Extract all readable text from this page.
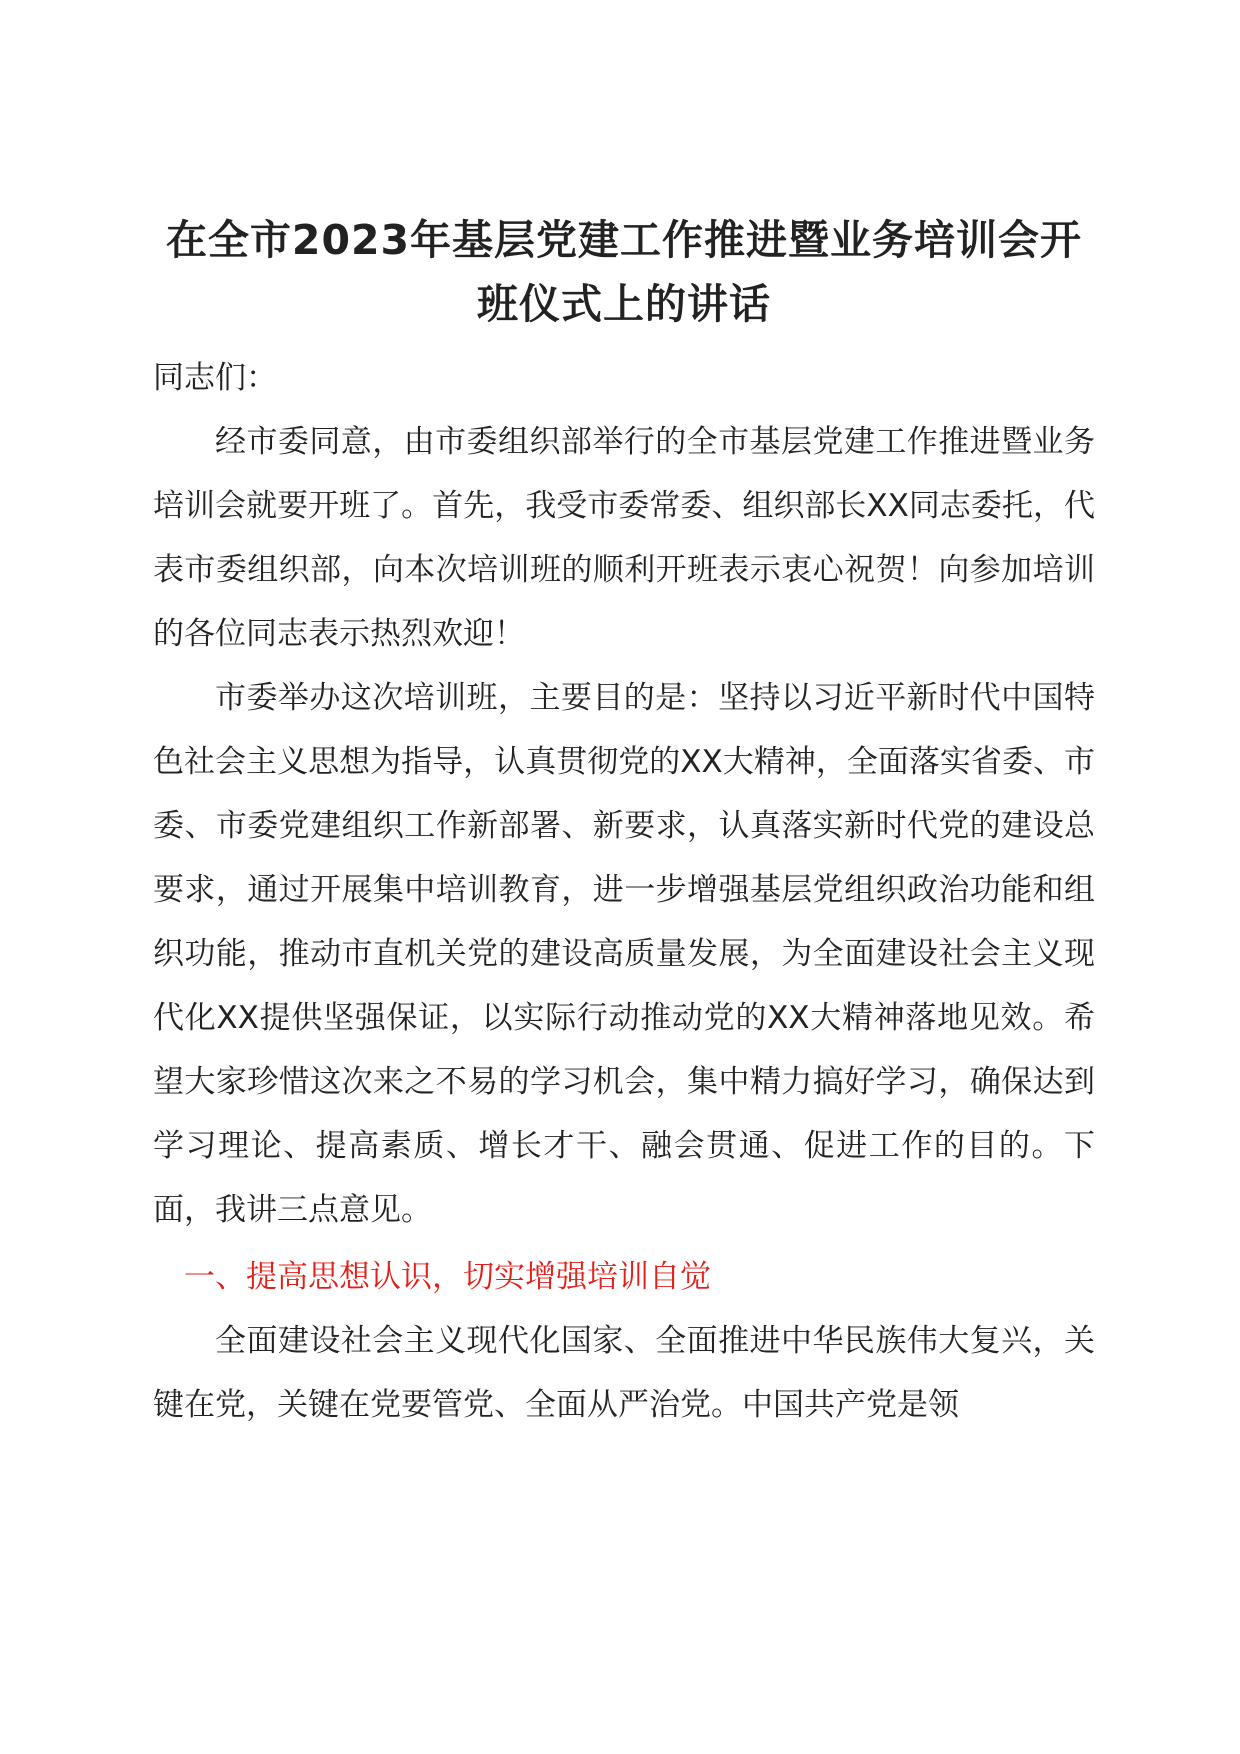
在全市2023年基层党建工作推进暨业务培训会开班仪式上的讲话

同志们：

经市委同意，由市委组织部举行的全市基层党建工作推进暨业务培训会就要开班了。首先，我受市委常委、组织部长XX同志委托，代表市委组织部，向本次培训班的顺利开班表示衷心祝贺！向参加培训的各位同志表示热烈欢迎！

市委举办这次培训班，主要目的是：坚持以习近平新时代中国特色社会主义思想为指导，认真贯彻党的XX大精神，全面落实省委、市委、市委党建组织工作新部署、新要求，认真落实新时代党的建设总要求，通过开展集中培训教育，进一步增强基层党组织政治功能和组织功能，推动市直机关党的建设高质量发展，为全面建设社会主义现代化XX提供坚强保证，以实际行动推动党的XX大精神落地见效。希望大家珍惜这次来之不易的学习机会，集中精力搞好学习，确保达到学习理论、提高素质、增长才干、融会贯通、促进工作的目的。下面，我讲三点意见。

一、提高思想认识，切实增强培训自觉

全面建设社会主义现代化国家、全面推进中华民族伟大复兴，关键在党，关键在党要管党、全面从严治党。中国共产党是领
